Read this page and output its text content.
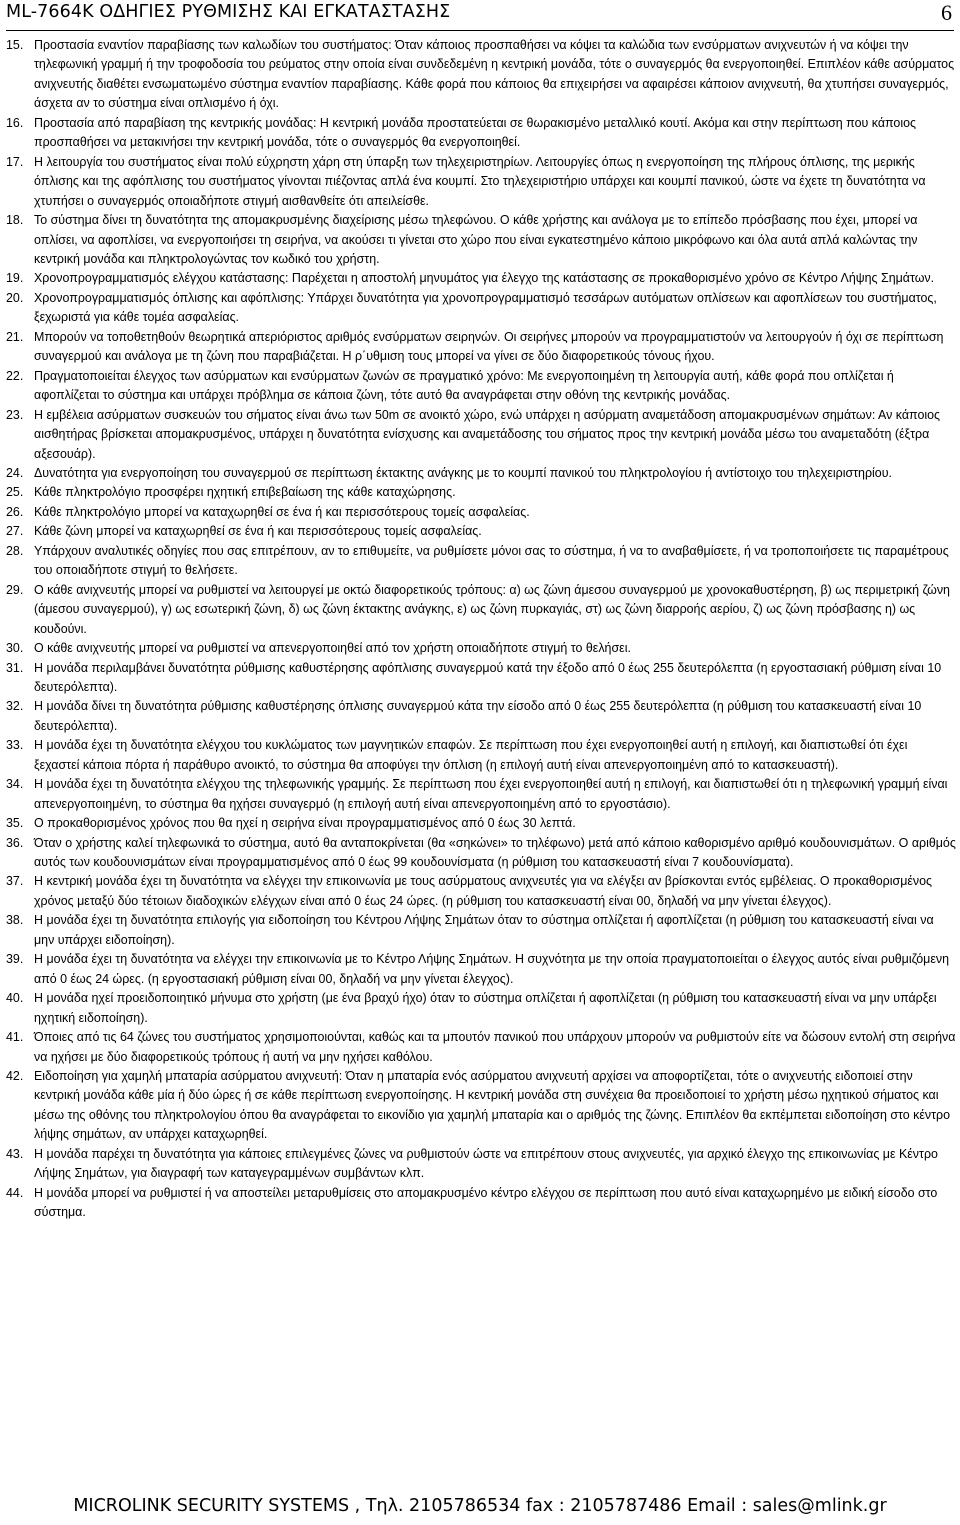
ML-7664K ΟΔΗΓΙΕΣ ΡΥΘΜΙΣΗΣ ΚΑΙ ΕΓΚΑΤΑΣΤΑΣΗΣ	6
15. Προστασία εναντίον παραβίασης των καλωδίων του συστήματος: Όταν κάποιος προσπαθήσει να κόψει τα καλώδια των ενσύρματων ανιχνευτών ή να κόψει την τηλεφωνική γραμμή ή την τροφοδοσία του ρεύματος στην οποία είναι συνδεδεμένη η κεντρική μονάδα, τότε ο συναγερμός θα ενεργοποιηθεί. Επιπλέον κάθε ασύρματος ανιχνευτής διαθέτει ενσωματωμένο σύστημα εναντίον παραβίασης. Κάθε φορά που κάποιος θα επιχειρήσει να αφαιρέσει κάποιον ανιχνευτή, θα χτυπήσει συναγερμός, άσχετα αν το σύστημα είναι οπλισμένο ή όχι.
16. Προστασία από παραβίαση της κεντρικής μονάδας: Η κεντρική μονάδα προστατεύεται σε θωρακισμένο μεταλλικό κουτί. Ακόμα και στην περίπτωση που κάποιος προσπαθήσει να μετακινήσει την κεντρική μονάδα, τότε ο συναγερμός θα ενεργοποιηθεί.
17. Η λειτουργία του συστήματος είναι πολύ εύχρηστη χάρη στη ύπαρξη των τηλεχειριστηρίων. Λειτουργίες όπως η ενεργοποίηση της πλήρους όπλισης, της μερικής όπλισης και της αφόπλισης του συστήματος γίνονται πιέζοντας απλά ένα κουμπί. Στο τηλεχειριστήριο υπάρχει και κουμπί πανικού, ώστε να έχετε τη δυνατότητα να χτυπήσει ο συναγερμός οποιαδήποτε στιγμή αισθανθείτε ότι απειλείσθε.
18. Το σύστημα δίνει τη δυνατότητα της απομακρυσμένης διαχείρισης μέσω τηλεφώνου. Ο κάθε χρήστης και ανάλογα με το επίπεδο πρόσβασης που έχει, μπορεί να οπλίσει, να αφοπλίσει, να ενεργοποιήσει τη σειρήνα, να ακούσει τι γίνεται στο χώρο που είναι εγκατεστημένο κάποιο μικρόφωνο και όλα αυτά απλά καλώντας την κεντρική μονάδα και πληκτρολογώντας τον κωδικό του χρήστη.
19. Χρονοπρογραμματισμός ελέγχου κατάστασης: Παρέχεται η αποστολή μηνυμάτος για έλεγχο της κατάστασης σε προκαθορισμένο χρόνο σε Κέντρο Λήψης Σημάτων.
20. Χρονοπρογραμματισμός όπλισης και αφόπλισης: Υπάρχει δυνατότητα για χρονοπρογραμματισμό τεσσάρων αυτόματων οπλίσεων και αφοπλίσεων του συστήματος, ξεχωριστά για κάθε τομέα ασφαλείας.
21. Μπορούν να τοποθετηθούν θεωρητικά απεριόριστος αριθμός ενσύρματων σειρηνών. Οι σειρήνες μπορούν να προγραμματιστούν να λειτουργούν ή όχι σε περίπτωση συναγερμού και ανάλογα με τη ζώνη που παραβιάζεται. Η ρ΄υθμιση τους μπορεί να γίνει σε δύο διαφορετικούς τόνους ήχου.
22. Πραγματοποιείται έλεγχος των ασύρματων και ενσύρματων ζωνών σε πραγματικό χρόνο: Με ενεργοποιημένη τη λειτουργία αυτή, κάθε φορά που οπλίζεται ή αφοπλίζεται το σύστημα και υπάρχει πρόβλημα σε κάποια ζώνη, τότε αυτό θα αναγράφεται στην οθόνη της κεντρικής μονάδας.
23. Η εμβέλεια ασύρματων συσκευών του σήματος είναι άνω των 50m σε ανοικτό χώρο, ενώ υπάρχει η ασύρματη αναμετάδοση απομακρυσμένων σημάτων: Αν κάποιος αισθητήρας βρίσκεται απομακρυσμένος, υπάρχει η δυνατότητα ενίσχυσης και αναμετάδοσης του σήματος προς την κεντρική μονάδα μέσω του αναμεταδότη (έξτρα αξεσουάρ).
24. Δυνατότητα για ενεργοποίηση του συναγερμού σε περίπτωση έκτακτης ανάγκης με το κουμπί πανικού του πληκτρολογίου ή αντίστοιχο του τηλεχειριστηρίου.
25. Κάθε πληκτρολόγιο προσφέρει ηχητική επιβεβαίωση της κάθε καταχώρησης.
26. Κάθε πληκτρολόγιο μπορεί να καταχωρηθεί σε ένα ή και περισσότερους τομείς ασφαλείας.
27. Κάθε ζώνη μπορεί να καταχωρηθεί σε ένα ή και περισσότερους τομείς ασφαλείας.
28. Υπάρχουν αναλυτικές οδηγίες που σας επιτρέπουν, αν το επιθυμείτε, να ρυθμίσετε μόνοι σας το σύστημα, ή να το αναβαθμίσετε, ή να τροποποιήσετε τις παραμέτρους του οποιαδήποτε στιγμή το θελήσετε.
29. Ο κάθε ανιχνευτής μπορεί να ρυθμιστεί να λειτουργεί με οκτώ διαφορετικούς τρόπους: α) ως ζώνη άμεσου συναγερμού με χρονοκαθυστέρηση, β) ως περιμετρική ζώνη (άμεσου συναγερμού), γ) ως εσωτερική ζώνη, δ) ως ζώνη έκτακτης ανάγκης, ε) ως ζώνη πυρκαγιάς, στ) ως ζώνη διαρροής αερίου, ζ) ως ζώνη πρόσβασης η) ως κουδούνι.
30. Ο κάθε ανιχνευτής μπορεί να ρυθμιστεί να απενεργοποιηθεί από τον χρήστη οποιαδήποτε στιγμή το θελήσει.
31. Η μονάδα περιλαμβάνει δυνατότητα ρύθμισης καθυστέρησης αφόπλισης συναγερμού κατά την έξοδο από 0 έως 255 δευτερόλεπτα (η εργοστασιακή ρύθμιση είναι 10 δευτερόλεπτα).
32. Η μονάδα δίνει τη δυνατότητα ρύθμισης καθυστέρησης όπλισης συναγερμού κάτα την είσοδο από 0 έως 255 δευτερόλεπτα (η ρύθμιση του κατασκευαστή είναι 10 δευτερόλεπτα).
33. Η μονάδα έχει τη δυνατότητα ελέγχου του κυκλώματος των μαγνητικών επαφών. Σε περίπτωση που έχει ενεργοποιηθεί αυτή η επιλογή, και διαπιστωθεί ότι έχει ξεχαστεί κάποια πόρτα ή παράθυρο ανοικτό, το σύστημα θα αποφύγει την όπλιση (η επιλογή αυτή είναι απενεργοποιημένη από το κατασκευαστή).
34. Η μονάδα έχει τη δυνατότητα ελέγχου της τηλεφωνικής γραμμής. Σε περίπτωση που έχει ενεργοποιηθεί αυτή η επιλογή, και διαπιστωθεί ότι η τηλεφωνική γραμμή είναι απενεργοποιημένη, το σύστημα θα ηχήσει συναγερμό (η επιλογή αυτή είναι απενεργοποιημένη από το εργοστάσιο).
35. Ο προκαθορισμένος χρόνος που θα ηχεί η σειρήνα είναι προγραμματισμένος από 0 έως 30 λεπτά.
36. Όταν ο χρήστης καλεί τηλεφωνικά το σύστημα, αυτό θα ανταποκρίνεται (θα «σηκώνει» το τηλέφωνο) μετά από κάποιο καθορισμένο αριθμό κουδουνισμάτων. Ο αριθμός αυτός των κουδουνισμάτων είναι προγραμματισμένος από 0 έως 99 κουδουνίσματα (η ρύθμιση του κατασκευαστή είναι 7 κουδουνίσματα).
37. Η κεντρική μονάδα έχει τη δυνατότητα να ελέγχει την επικοινωνία με τους ασύρματους ανιχνευτές για να ελέγξει αν βρίσκονται εντός εμβέλειας. Ο προκαθορισμένος χρόνος μεταξύ δύο τέτοιων διαδοχικών ελέγχων είναι από 0 έως 24 ώρες. (η ρύθμιση του κατασκευαστή είναι 00, δηλαδή να μην γίνεται έλεγχος).
38. Η μονάδα έχει τη δυνατότητα επιλογής για ειδοποίηση του Κέντρου Λήψης Σημάτων όταν το σύστημα οπλίζεται ή αφοπλίζεται (η ρύθμιση του κατασκευαστή είναι να μην υπάρχει ειδοποίηση).
39. Η μονάδα έχει τη δυνατότητα να ελέγχει την επικοινωνία με το Κέντρο Λήψης Σημάτων. Η συχνότητα με την οποία πραγματοποιείται ο έλεγχος αυτός είναι ρυθμιζόμενη από 0 έως 24 ώρες. (η εργοστασιακή ρύθμιση είναι 00, δηλαδή να μην γίνεται έλεγχος).
40. Η μονάδα ηχεί προειδοποιητικό μήνυμα στο χρήστη (με ένα βραχύ ήχο) όταν το σύστημα οπλίζεται ή αφοπλίζεται (η ρύθμιση του κατασκευαστή είναι να μην υπάρξει ηχητική ειδοποίηση).
41. Όποιες από τις 64 ζώνες του συστήματος χρησιμοποιούνται, καθώς και τα μπουτόν πανικού που υπάρχουν μπορούν να ρυθμιστούν είτε να δώσουν εντολή στη σειρήνα να ηχήσει με δύο διαφορετικούς τρόπους ή αυτή να μην ηχήσει καθόλου.
42. Ειδοποίηση για χαμηλή μπαταρία ασύρματου ανιχνευτή: Όταν η μπαταρία ενός ασύρματου ανιχνευτή αρχίσει να αποφορτίζεται, τότε ο ανιχνευτής ειδοποιεί στην κεντρική μονάδα κάθε μία ή δύο ώρες ή σε κάθε περίπτωση ενεργοποίησης. Η κεντρική μονάδα στη συνέχεια θα προειδοποιεί το χρήστη μέσω ηχητικού σήματος και μέσω της οθόνης του πληκτρολογίου όπου θα αναγράφεται το εικονίδιο για χαμηλή μπαταρία και ο αριθμός της ζώνης. Επιπλέον θα εκπέμπεται ειδοποίηση στο κέντρο λήψης σημάτων, αν υπάρχει καταχωρηθεί.
43. Η μονάδα παρέχει τη δυνατότητα για κάποιες επιλεγμένες ζώνες να ρυθμιστούν ώστε να επιτρέπουν στους ανιχνευτές, για αρχικό έλεγχο της επικοινωνίας με Κέντρο Λήψης Σημάτων, για διαγραφή των καταγεγραμμένων συμβάντων κλπ.
44. Η μονάδα μπορεί να ρυθμιστεί ή να αποστείλει μεταρυθμίσεις στο απομακρυσμένο κέντρο ελέγχου σε περίπτωση που αυτό είναι καταχωρημένο με ειδική είσοδο στο σύστημα.
MICROLINK SECURITY SYSTEMS , Τηλ. 2105786534 fax : 2105787486 Email : sales@mlink.gr
